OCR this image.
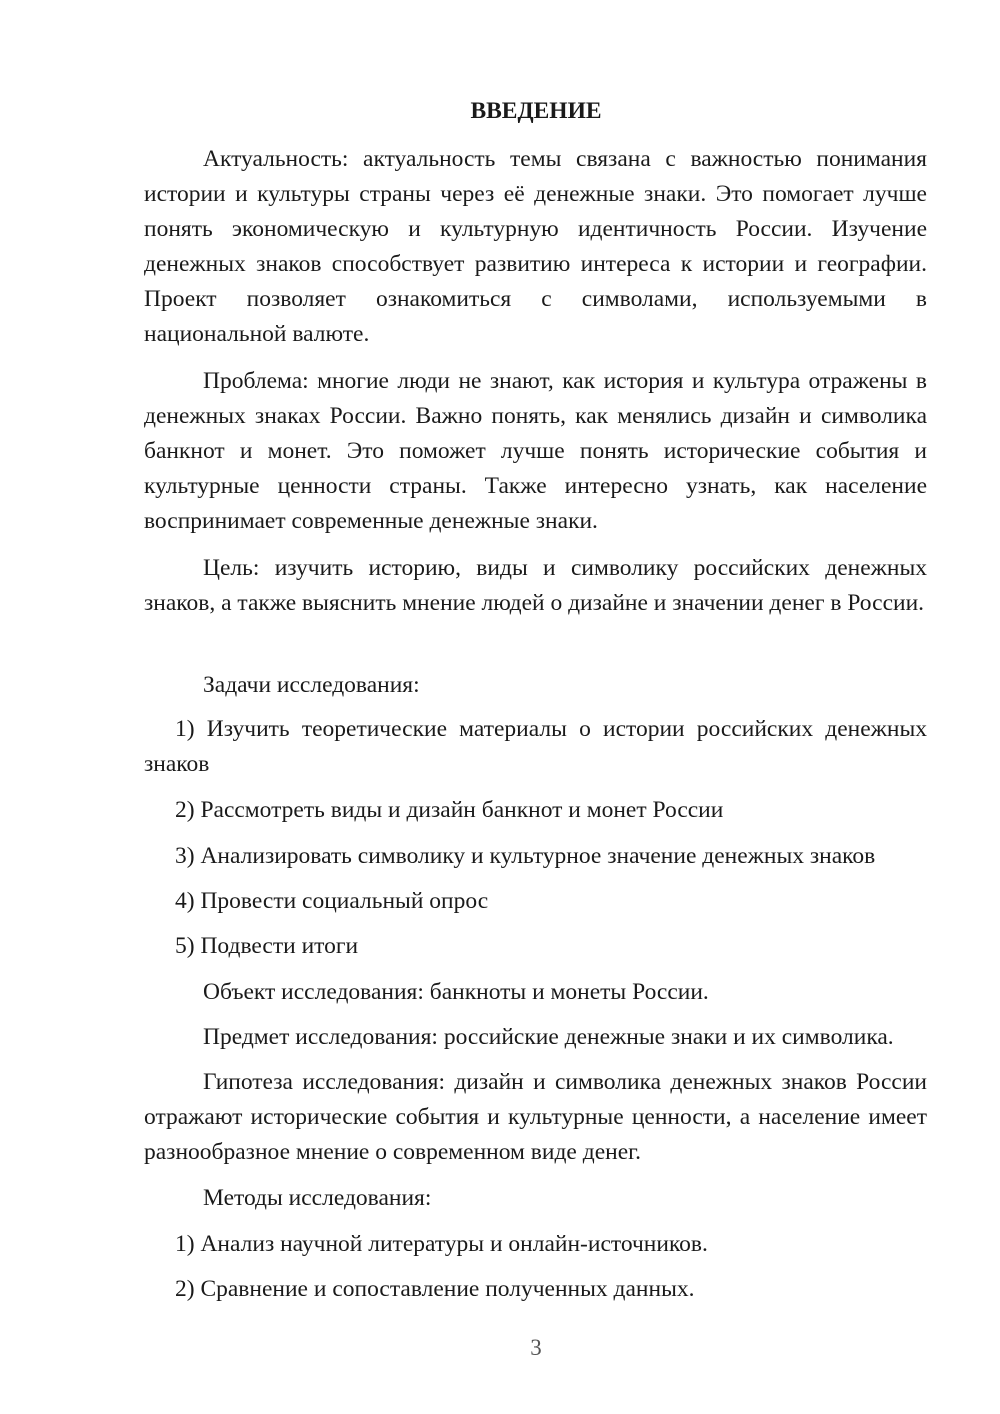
ВВЕДЕНИЕ

Актуальность: актуальность темы связана с важностью понимания истории и культуры страны через её денежные знаки. Это помогает лучше понять экономическую и культурную идентичность России. Изучение денежных знаков способствует развитию интереса к истории и географии. Проект позволяет ознакомиться с символами, используемыми в национальной валюте.

Проблема: многие люди не знают, как история и культура отражены в денежных знаках России. Важно понять, как менялись дизайн и символика банкнот и монет. Это поможет лучше понять исторические события и культурные ценности страны. Также интересно узнать, как население воспринимает современные денежные знаки.

Цель: изучить историю, виды и символику российских денежных знаков, а также выяснить мнение людей о дизайне и значении денег в России.

Задачи исследования:

1) Изучить теоретические материалы о истории российских денежных знаков

2) Рассмотреть виды и дизайн банкнот и монет России

3) Анализировать символику и культурное значение денежных знаков

4) Провести социальный опрос

5) Подвести итоги

Объект исследования: банкноты и монеты России.

Предмет исследования: российские денежные знаки и их символика.

Гипотеза исследования: дизайн и символика денежных знаков России отражают исторические события и культурные ценности, а население имеет разнообразное мнение о современном виде денег.

Методы исследования:

1) Анализ научной литературы и онлайн-источников.

2) Сравнение и сопоставление полученных данных.

3
